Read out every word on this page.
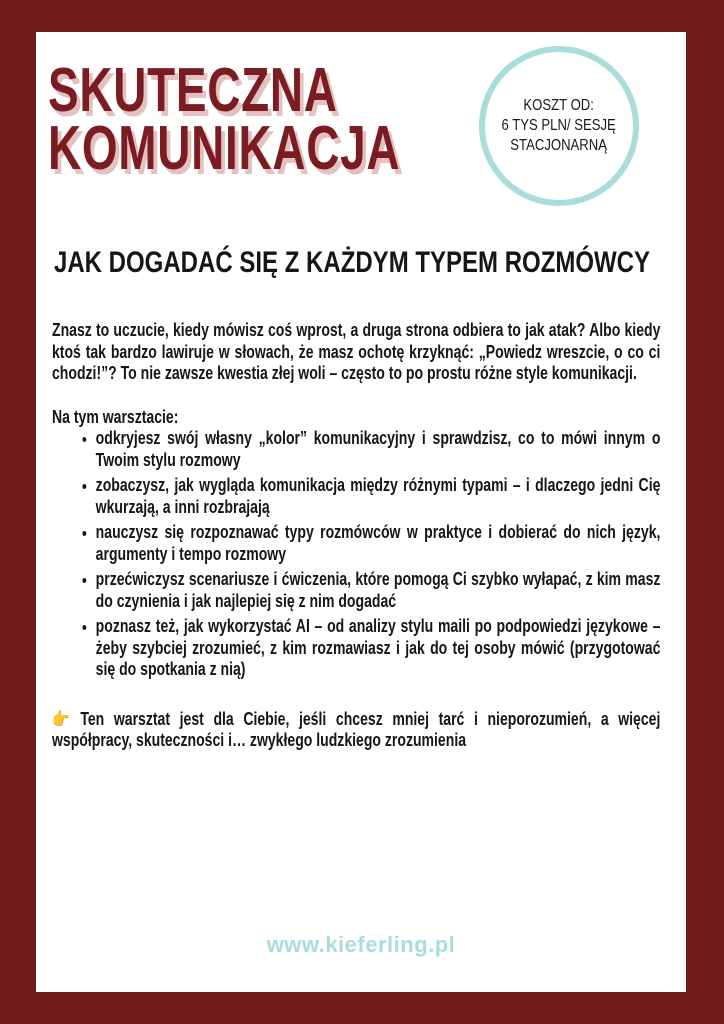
SKUTECZNA
KOMUNIKACJA
KOSZT OD:
6 TYS PLN/ SESJĘ
STACJONARNĄ
JAK DOGADAĆ SIĘ Z KAŻDYM TYPEM ROZMÓWCY

Znasz to uczucie, kiedy mówisz coś wprost, a druga strona odbiera to jak atak? Albo kiedy ktoś tak bardzo lawiruje w słowach, że masz ochotę krzyknąć: „Powiedz wreszcie, o co ci chodzi!”? To nie zawsze kwestia złej woli – często to po prostu różne style komunikacji.

Na tym warsztacie:

• odkryjesz swój własny „kolor” komunikacyjny i sprawdzisz, co to mówi innym o Twoim stylu rozmowy
• zobaczysz, jak wygląda komunikacja między różnymi typami – i dlaczego jedni Cię wkurzają, a inni rozbrajają
• nauczysz się rozpoznawać typy rozmówców w praktyce i dobierać do nich język, argumenty i tempo rozmowy
• przećwiczysz scenariusze i ćwiczenia, które pomogą Ci szybko wyłapać, z kim masz do czynienia i jak najlepiej się z nim dogadać
• poznasz też, jak wykorzystać AI – od analizy stylu maili po podpowiedzi językowe – żeby szybciej zrozumieć, z kim rozmawiasz i jak do tej osoby mówić (przygotować się do spotkania z nią)

👉 Ten warsztat jest dla Ciebie, jeśli chcesz mniej tarć i nieporozumień, a więcej współpracy, skuteczności i… zwykłego ludzkiego zrozumienia

www.kieferling.pl
